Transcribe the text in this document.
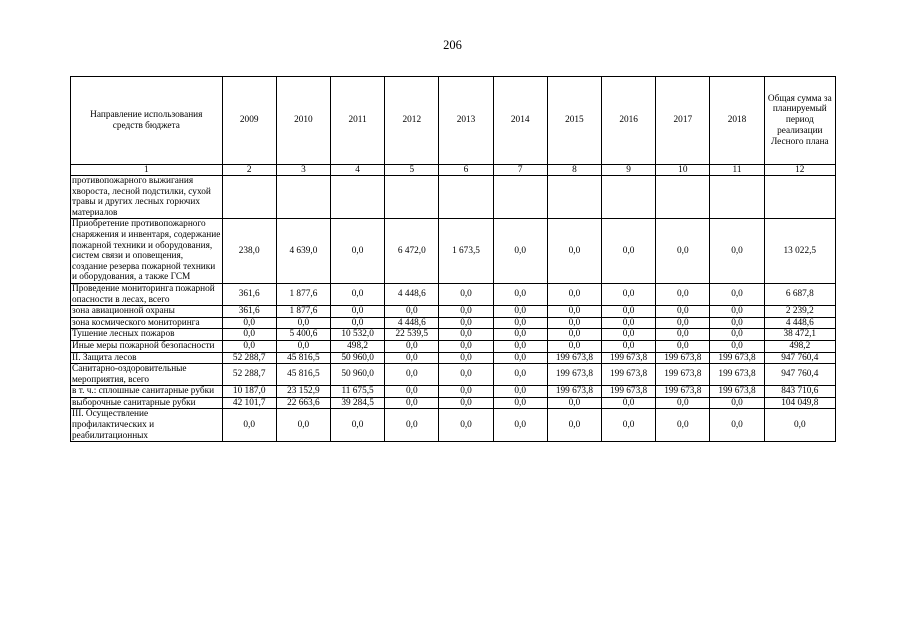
206
Направление использования средств бюджета	2009	2010	2011	2012	2013	2014	2015	2016	2017	2018	Общая сумма за планируемый период реализации Лесного плана
1	2	3	4	5	6	7	8	9	10	11	12
противопожарного выжигания хвороста, лесной подстилки, сухой травы и других лесных горючих материалов											
Приобретение противопожарного снаряжения и инвентаря, содержание пожарной техники и оборудования, систем связи и оповещения, создание резерва пожарной техники и оборудования, а также ГСМ	238,0	4 639,0	0,0	6 472,0	1 673,5	0,0	0,0	0,0	0,0	0,0	13 022,5
Проведение мониторинга пожарной опасности в лесах, всего	361,6	1 877,6	0,0	4 448,6	0,0	0,0	0,0	0,0	0,0	0,0	6 687,8
зона авиационной охраны	361,6	1 877,6	0,0	0,0	0,0	0,0	0,0	0,0	0,0	0,0	2 239,2
зона космического мониторинга	0,0	0,0	0,0	4 448,6	0,0	0,0	0,0	0,0	0,0	0,0	4 448,6
Тушение лесных пожаров	0,0	5 400,6	10 532,0	22 539,5	0,0	0,0	0,0	0,0	0,0	0,0	38 472,1
Иные меры пожарной безопасности	0,0	0,0	498,2	0,0	0,0	0,0	0,0	0,0	0,0	0,0	498,2
II. Защита лесов	52 288,7	45 816,5	50 960,0	0,0	0,0	0,0	199 673,8	199 673,8	199 673,8	199 673,8	947 760,4
Санитарно-оздоровительные мероприятия, всего	52 288,7	45 816,5	50 960,0	0,0	0,0	0,0	199 673,8	199 673,8	199 673,8	199 673,8	947 760,4
в т. ч.: сплошные санитарные рубки	10 187,0	23 152,9	11 675,5	0,0	0,0	0,0	199 673,8	199 673,8	199 673,8	199 673,8	843 710,6
выборочные санитарные рубки	42 101,7	22 663,6	39 284,5	0,0	0,0	0,0	0,0	0,0	0,0	0,0	104 049,8
III. Осуществление профилактических и реабилитационных	0,0	0,0	0,0	0,0	0,0	0,0	0,0	0,0	0,0	0,0	0,0
